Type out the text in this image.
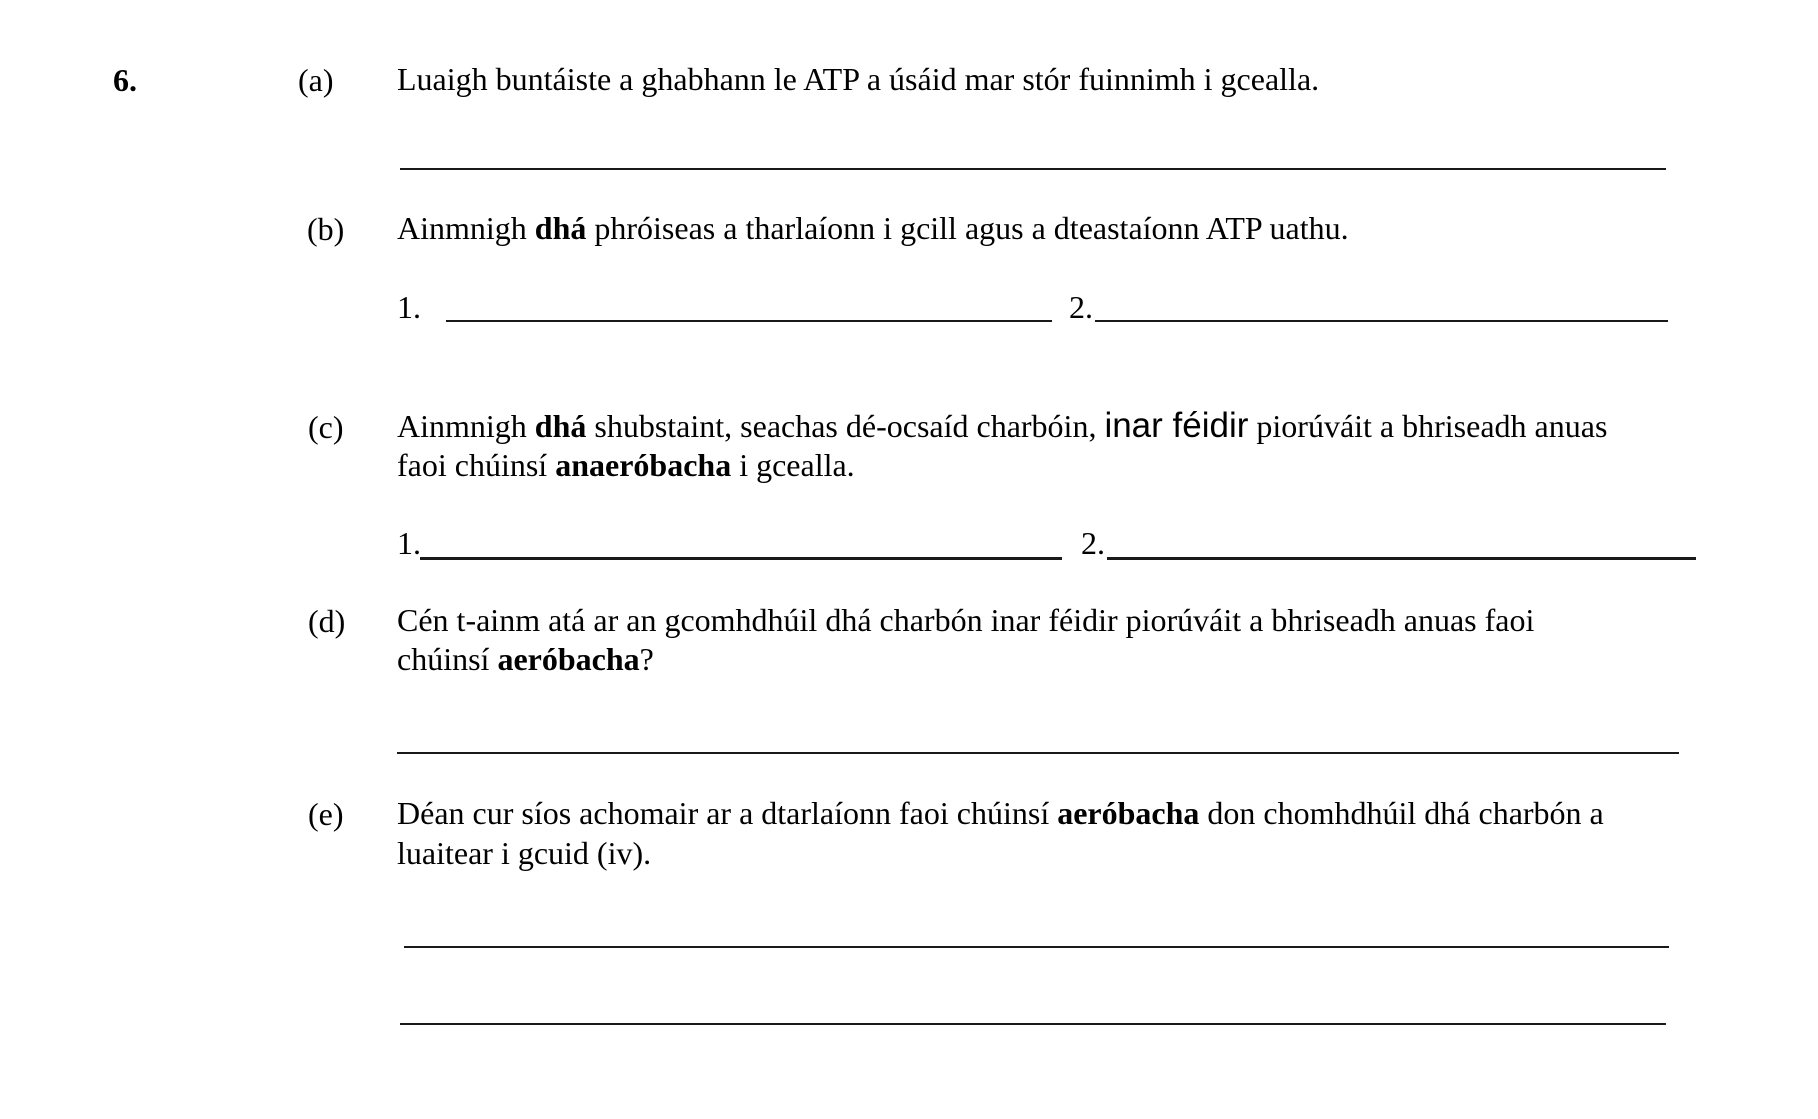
6.	(a) Luaigh buntáiste a ghabhann le ATP a úsáid mar stór fuinnimh i gcealla.
(b) Ainmnigh dhá phróiseas a tharlaíonn i gcill agus a dteastaíonn ATP uathu.
1.	2.
(c) Ainmnigh dhá shubstaint, seachas dé-ocsaíd charbóin, inar féidir piorúváit a bhriseadh anuas
faoi chúinsí anaeróbacha i gcealla.
1.	2.
(d) Cén t-ainm atá ar an gcomhdhúil dhá charbón inar féidir piorúváit a bhriseadh anuas faoi
chúinsí aeróbacha?
(e) Déan cur síos achomair ar a dtarlaíonn faoi chúinsí aeróbacha don chomhdhúil dhá charbón a
luaitear i gcuid (iv).
